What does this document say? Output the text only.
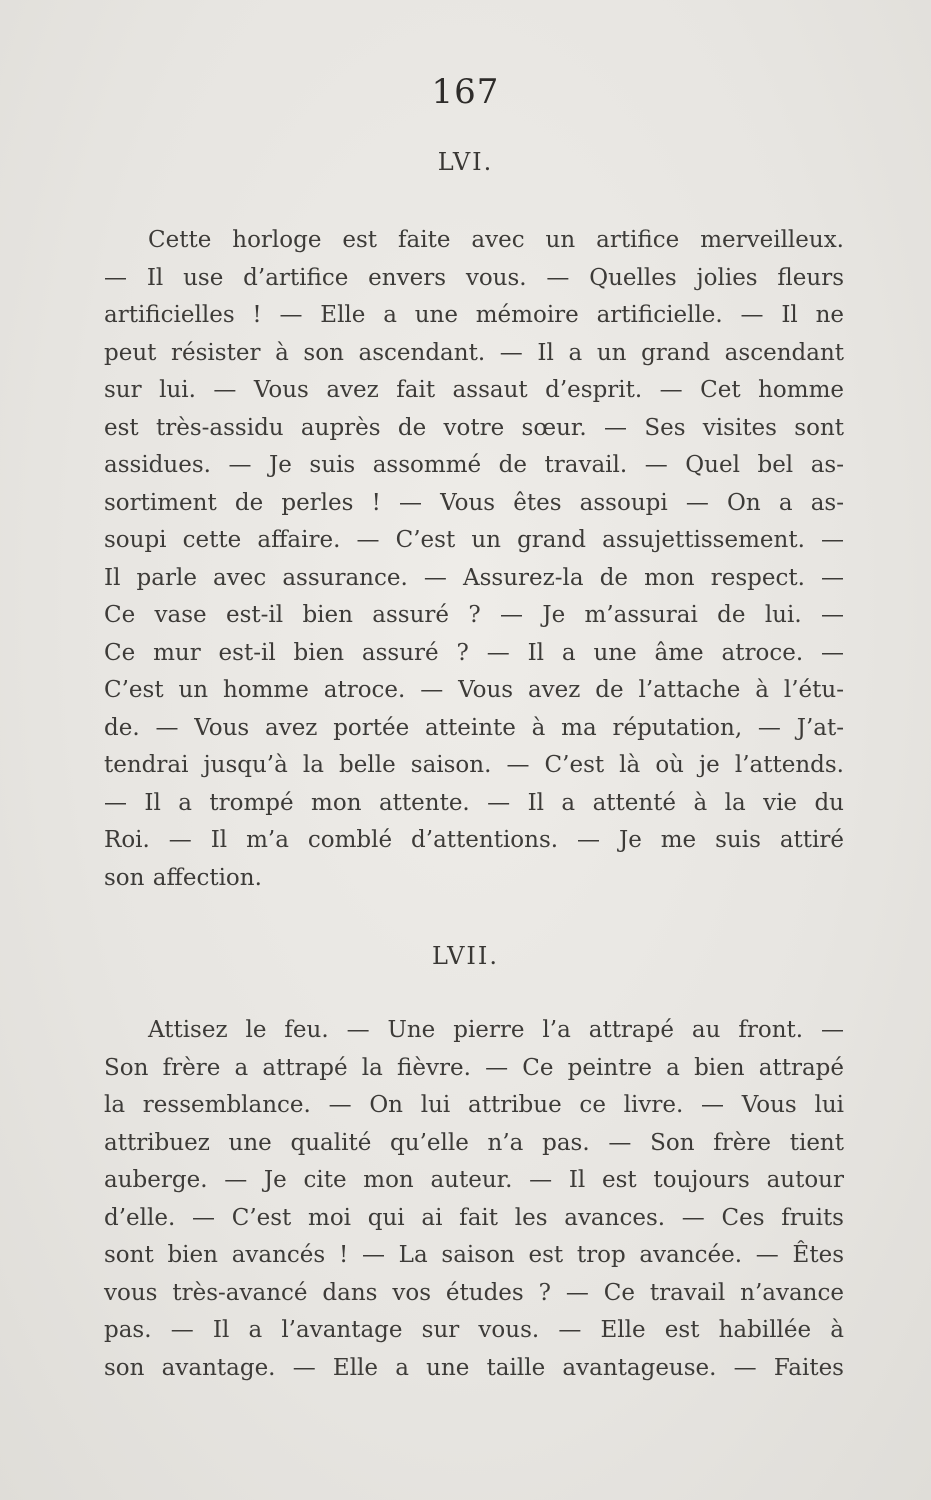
167
LVI.
Cette horloge est faite avec un artifice merveilleux.
— Il use d’artifice envers vous. — Quelles jolies fleurs
artificielles ! — Elle a une mémoire artificielle. — Il ne
peut résister à son ascendant. — Il a un grand ascendant
sur lui. — Vous avez fait assaut d’esprit. — Cet homme
est très-assidu auprès de votre sœur. — Ses visites sont
assidues. — Je suis assommé de travail. — Quel bel as-
sortiment de perles ! — Vous êtes assoupi — On a as-
soupi cette affaire. — C’est un grand assujettissement. —
Il parle avec assurance. — Assurez-la de mon respect. —
Ce vase est-il bien assuré ? — Je m’assurai de lui. —
Ce mur est-il bien assuré ? — Il a une âme atroce. —
C’est un homme atroce. — Vous avez de l’attache à l’étu-
de. — Vous avez portée atteinte à ma réputation, — J’at-
tendrai jusqu’à la belle saison. — C’est là où je l’attends.
— Il a trompé mon attente. — Il a attenté à la vie du
Roi. — Il m’a comblé d’attentions. — Je me suis attiré
son affection.
LVII.
Attisez le feu. — Une pierre l’a attrapé au front. —
Son frère a attrapé la fièvre. — Ce peintre a bien attrapé
la ressemblance. — On lui attribue ce livre. — Vous lui
attribuez une qualité qu’elle n’a pas. — Son frère tient
auberge. — Je cite mon auteur. — Il est toujours autour
d’elle. — C’est moi qui ai fait les avances. — Ces fruits
sont bien avancés ! — La saison est trop avancée. — Êtes
vous très-avancé dans vos études ? — Ce travail n’avance
pas. — Il a l’avantage sur vous. — Elle est habillée à
son avantage. — Elle a une taille avantageuse. — Faites
